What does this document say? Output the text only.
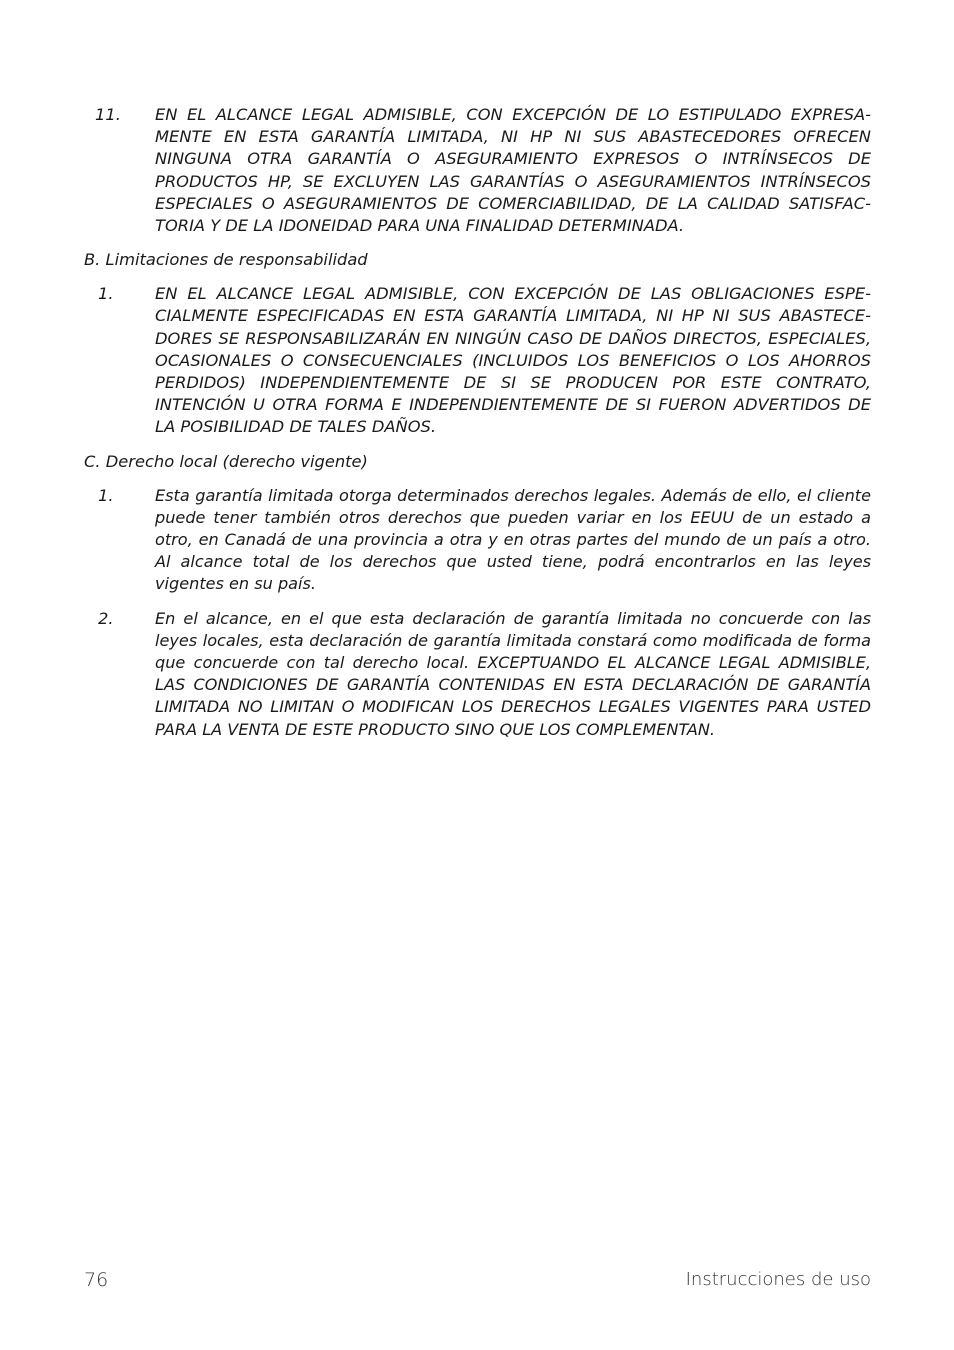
11.	EN EL ALCANCE LEGAL ADMISIBLE, CON EXCEPCIÓN DE LO ESTIPULADO EXPRESAMENTE EN ESTA GARANTÍA LIMITADA, NI HP NI SUS ABASTECEDORES OFRECEN NINGUNA OTRA GARANTÍA O ASEGURAMIENTO EXPRESOS O INTRÍNSECOS DE PRODUCTOS HP, SE EXCLUYEN LAS GARANTÍAS O ASEGURAMIENTOS INTRÍNSECOS ESPECIALES O ASEGURAMIENTOS DE COMERCIABILIDAD, DE LA CALIDAD SATISFACTORIA Y DE LA IDONEIDAD PARA UNA FINALIDAD DETERMINADA.
B. Limitaciones de responsabilidad
1.	EN EL ALCANCE LEGAL ADMISIBLE, CON EXCEPCIÓN DE LAS OBLIGACIONES ESPECIALMENTE ESPECIFICADAS EN ESTA GARANTÍA LIMITADA, NI HP NI SUS ABASTECEDORES SE RESPONSABILIZARÁN EN NINGÚN CASO DE DAÑOS DIRECTOS, ESPECIALES, OCASIONALES O CONSECUENCIALES (INCLUIDOS LOS BENEFICIOS O LOS AHORROS PERDIDOS) INDEPENDIENTEMENTE DE SI SE PRODUCEN POR ESTE CONTRATO, INTENCIÓN U OTRA FORMA E INDEPENDIENTEMENTE DE SI FUERON ADVERTIDOS DE LA POSIBILIDAD DE TALES DAÑOS.
C. Derecho local (derecho vigente)
1.	Esta garantía limitada otorga determinados derechos legales. Además de ello, el cliente puede tener también otros derechos que pueden variar en los EEUU de un estado a otro, en Canadá de una provincia a otra y en otras partes del mundo de un país a otro. Al alcance total de los derechos que usted tiene, podrá encontrarlos en las leyes vigentes en su país.
2.	En el alcance, en el que esta declaración de garantía limitada no concuerde con las leyes locales, esta declaración de garantía limitada constará como modificada de forma que concuerde con tal derecho local. EXCEPTUANDO EL ALCANCE LEGAL ADMISIBLE, LAS CONDICIONES DE GARANTÍA CONTENIDAS EN ESTA DECLARACIÓN DE GARANTÍA LIMITADA NO LIMITAN O MODIFICAN LOS DERECHOS LEGALES VIGENTES PARA USTED PARA LA VENTA DE ESTE PRODUCTO SINO QUE LOS COMPLEMENTAN.
76	Instrucciones de uso
